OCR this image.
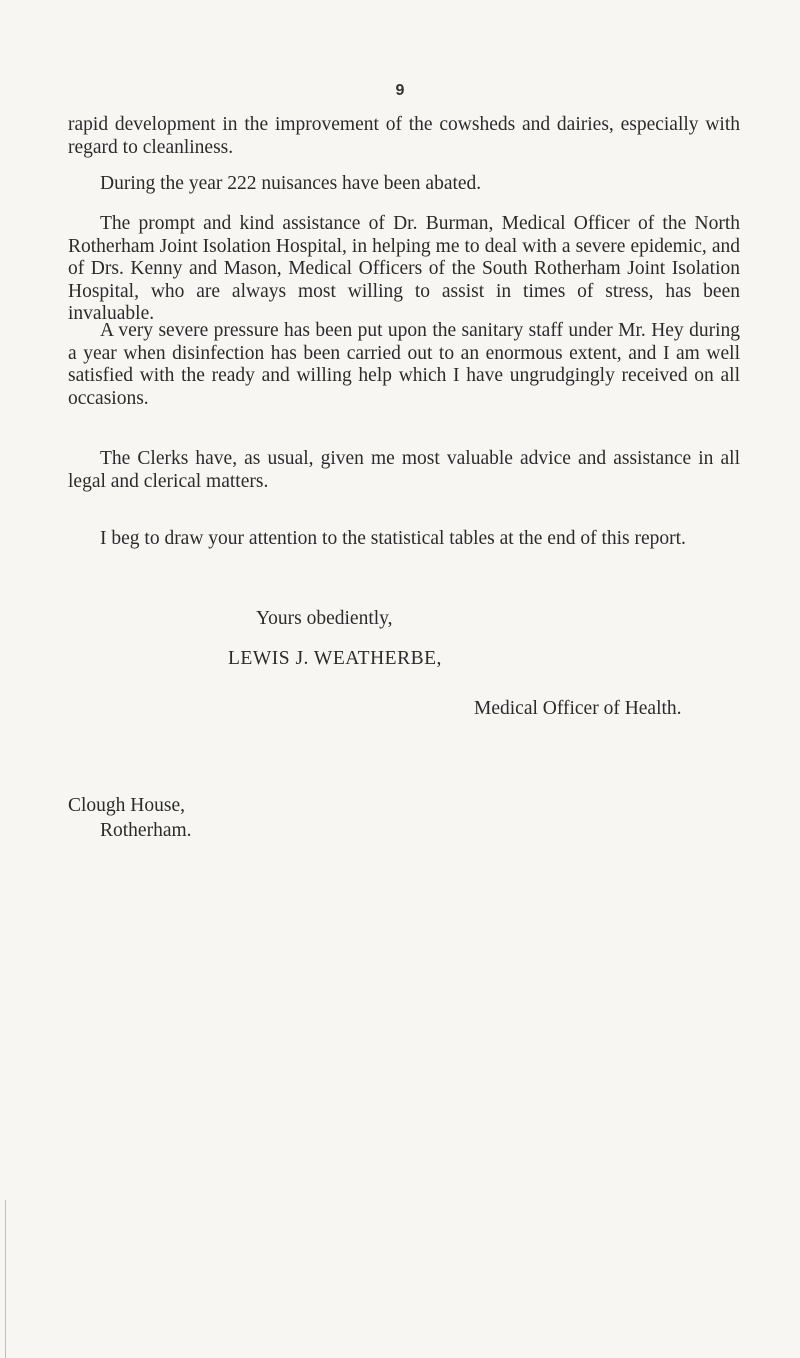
9

rapid development in the improvement of the cowsheds and dairies, especially with regard to cleanliness.

During the year 222 nuisances have been abated.

The prompt and kind assistance of Dr. Burman, Medical Officer of the North Rotherham Joint Isolation Hospital, in helping me to deal with a severe epidemic, and of Drs. Kenny and Mason, Medical Officers of the South Rotherham Joint Isolation Hospital, who are always most willing to assist in times of stress, has been invaluable.

A very severe pressure has been put upon the sanitary staff under Mr. Hey during a year when disinfection has been carried out to an enormous extent, and I am well satisfied with the ready and willing help which I have ungrudgingly received on all occasions.

The Clerks have, as usual, given me most valuable advice and assistance in all legal and clerical matters.

I beg to draw your attention to the statistical tables at the end of this report.

Yours obediently,
LEWIS J. WEATHERBE,
Medical Officer of Health.
Clough House,
Rotherham.
